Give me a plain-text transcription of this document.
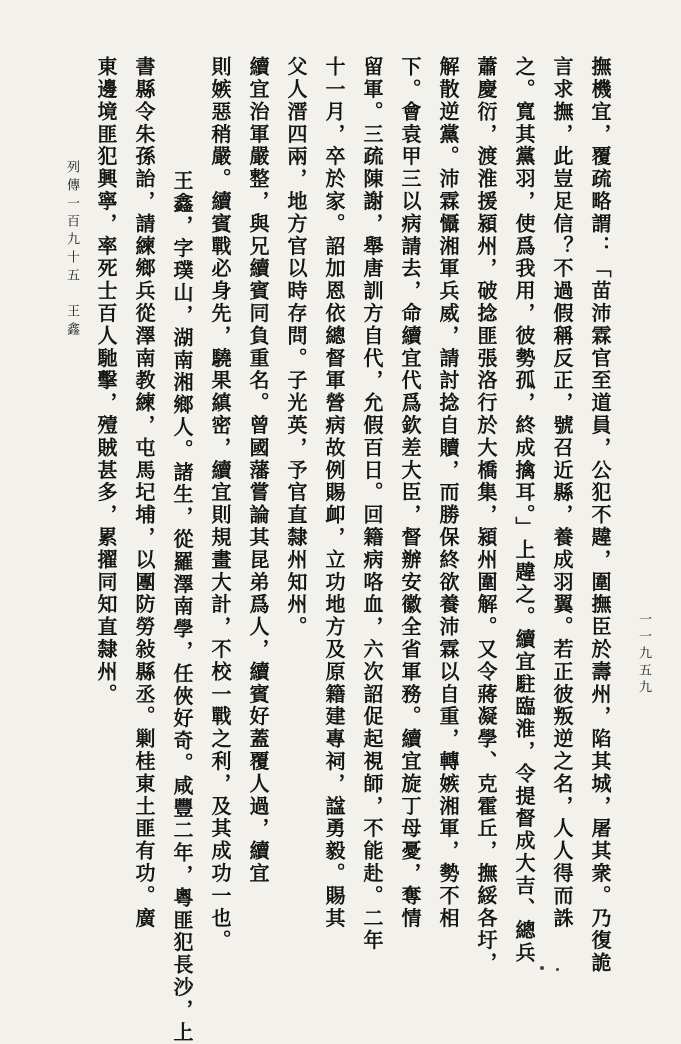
撫機宜，覆疏略謂：「苗沛霖官至道員，公犯不韙，圍撫臣於壽州，陷其城，屠其衆。乃復詭
言求撫，此豈足信？不過假稱反正，號召近縣，養成羽翼。若正彼叛逆之名，人人得而誅
之。寬其黨羽，使爲我用，彼勢孤，終成擒耳。」上韙之。續宜駐臨淮，令提督成大吉、總兵
蕭慶衍，渡淮援潁州，破捻匪張洛行於大橋集，潁州圍解。又令蔣凝學、克霍丘，撫綏各圩，
解散逆黨。沛霖懾湘軍兵威，請討捻自贖，而勝保終欲養沛霖以自重，轉嫉湘軍，勢不相
下。會袁甲三以病請去，命續宜代爲欽差大臣，督辦安徽全省軍務。續宜旋丁母憂，奪情
留軍。三疏陳謝，舉唐訓方自代，允假百日。回籍病咯血，六次詔促起視師，不能赴。二年
十一月，卒於家。詔加恩依總督軍營病故例賜卹，立功地方及原籍建專祠，諡勇毅。賜其
父人溍四兩，地方官以時存問。子光英，予官直隸州知州。
續宜治軍嚴整，與兄續賓同負重名。曾國藩嘗論其昆弟爲人，續賓好蓋覆人過，續宜
則嫉惡稍嚴。續賓戰必身先，驍果縝密，續宜則規畫大計，不校一戰之利，及其成功一也。
王鑫，字璞山，湖南湘鄉人。諸生，從羅澤南學，任俠好奇。咸豐二年，粵匪犯長沙，上
書縣令朱孫詒，請練鄉兵從澤南教練，屯馬圮埔，以團防勞敍縣丞。剿桂東土匪有功。廣
東邊境匪犯興寧，率死士百人馳擊，殪賊甚多，累擢同知直隸州。
列傳一百九十五　王鑫
一一九五九
